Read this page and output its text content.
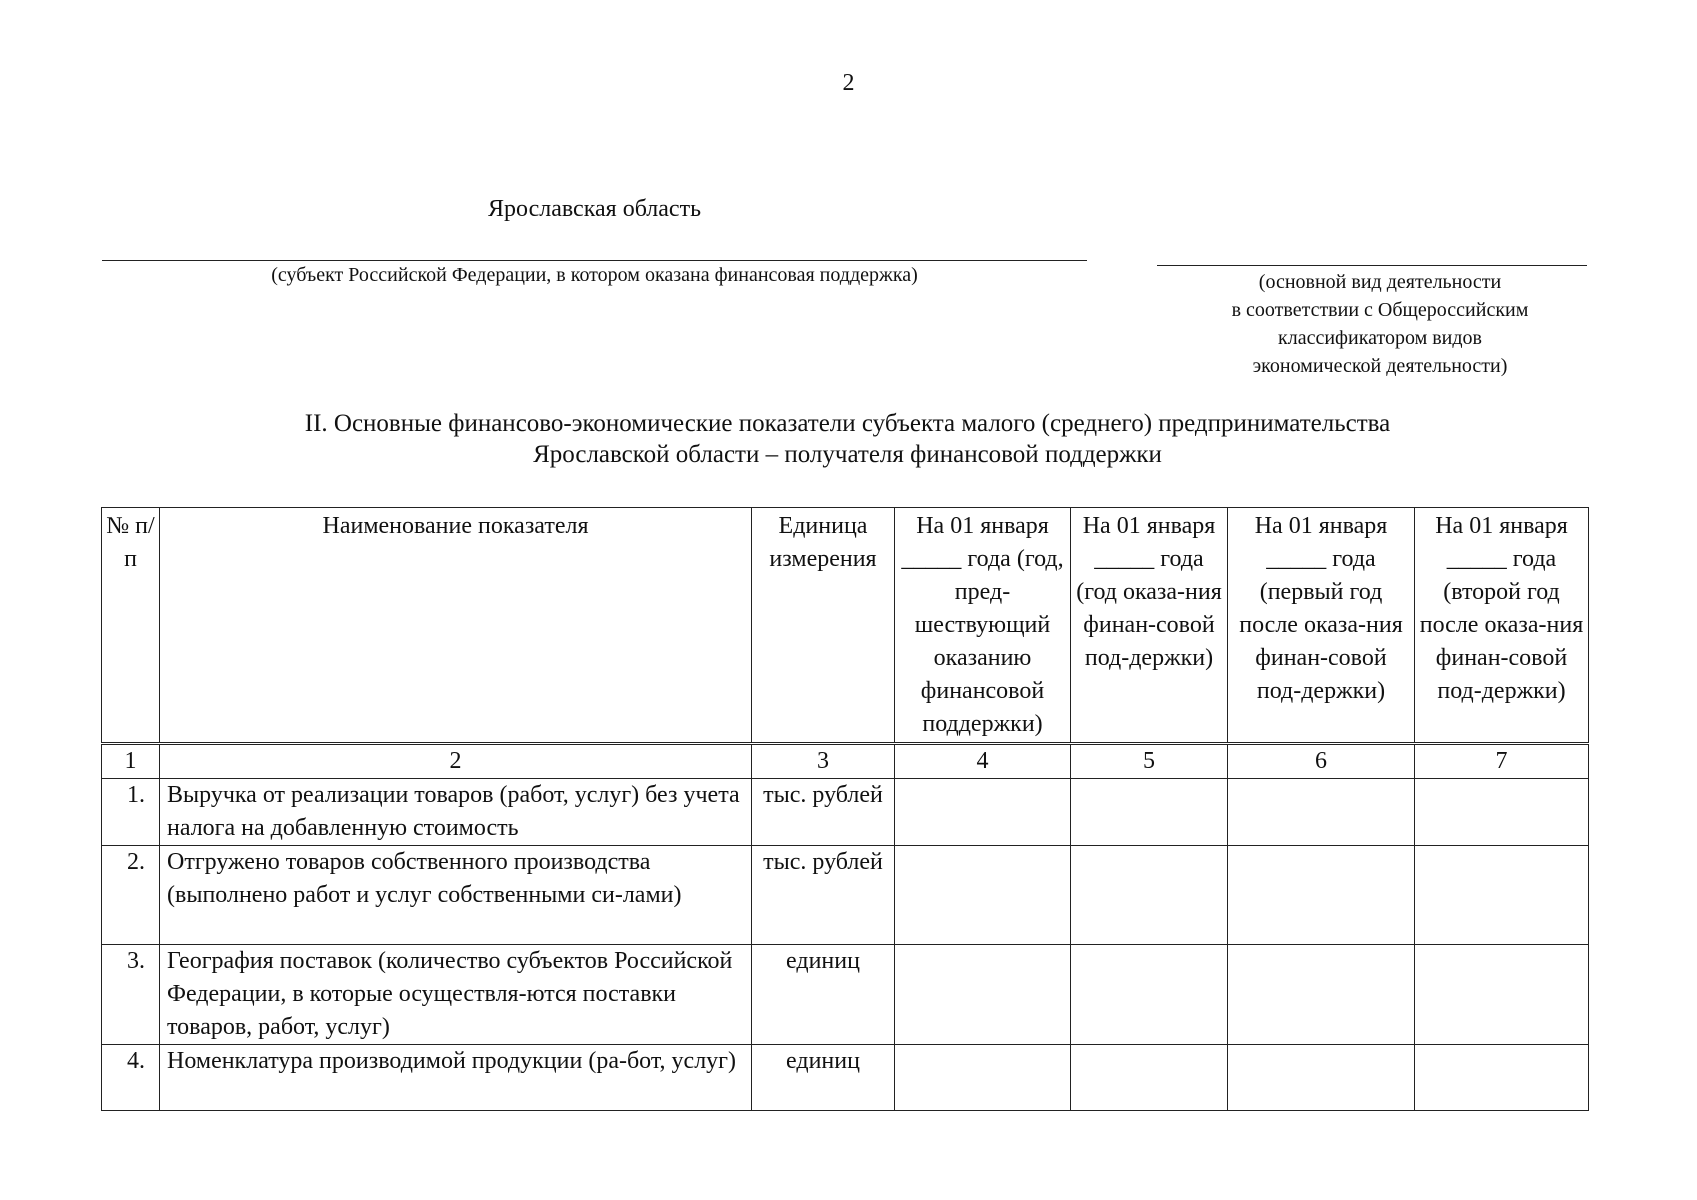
2
Ярославская область
(субъект Российской Федерации, в котором оказана финансовая поддержка)	(основной вид деятельности
в соответствии с Общероссийским
классификатором видов
экономической деятельности)
II. Основные финансово-экономические показатели субъекта малого (среднего) предпринимательства
Ярославской области – получателя финансовой поддержки
№ п/п	Наименование показателя	Единица измерения	На 01 января _____ года (год, пред-шествующий оказанию финансовой поддержки)	На 01 января _____ года (год оказа-ния финан-совой под-держки)	На 01 января _____ года (первый год после оказа-ния финан-совой под-держки)	На 01 января _____ года (второй год после оказа-ния финан-совой под-держки)
1	2	3	4	5	6	7
1.	Выручка от реализации товаров (работ, услуг) без учета налога на добавленную стоимость	тыс. рублей				
2.	Отгружено товаров собственного производства (выполнено работ и услуг собственными си-лами)	тыс. рублей				
3.	География поставок (количество субъектов Российской Федерации, в которые осуществля-ются поставки товаров, работ, услуг)	единиц				
4.	Номенклатура производимой продукции (ра-бот, услуг)	единиц				
